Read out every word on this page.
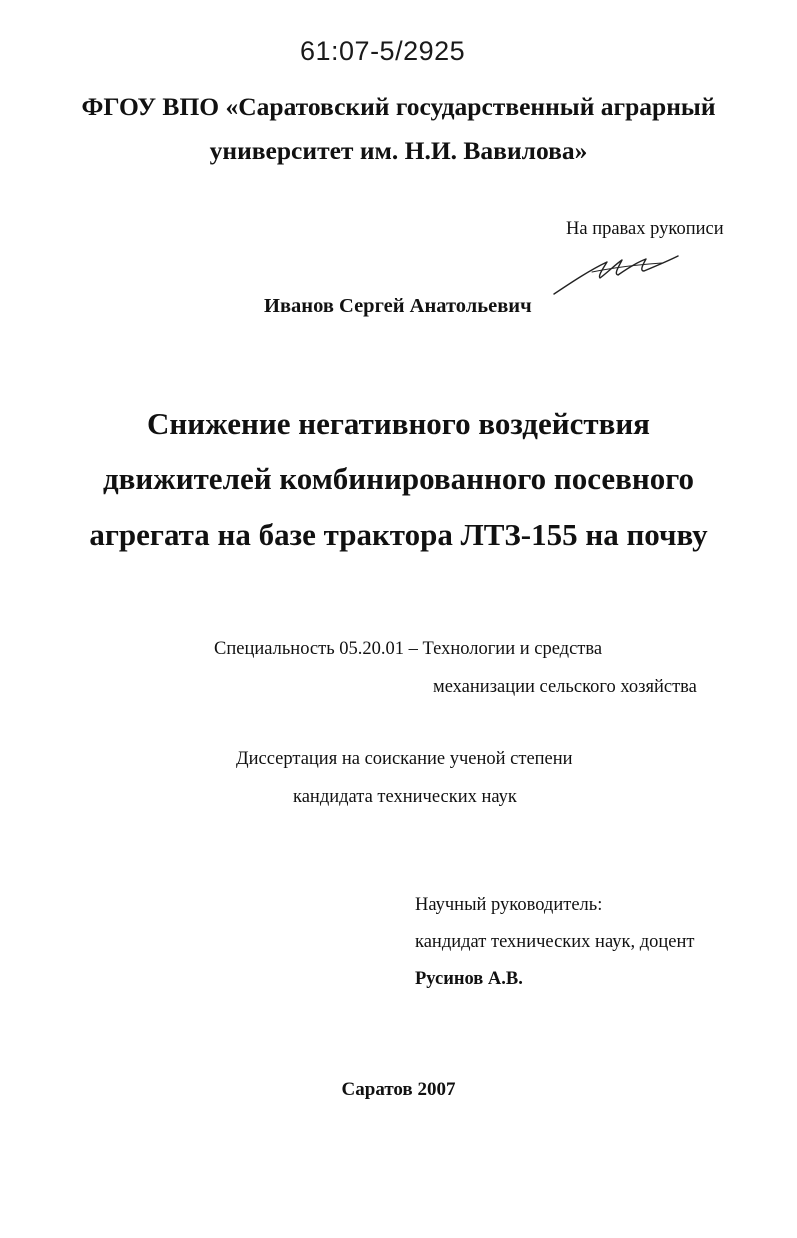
61:07-5/2925
ФГОУ ВПО «Саратовский государственный аграрный
университет им. Н.И. Вавилова»
На правах рукописи
Иванов Сергей Анатольевич
Снижение негативного воздействия
движителей комбинированного посевного
агрегата на базе трактора ЛТЗ-155 на почву
Специальность 05.20.01 – Технологии и средства
механизации сельского хозяйства
Диссертация на соискание ученой степени
кандидата технических наук
Научный руководитель:
кандидат технических наук, доцент
Русинов А.В.
Саратов 2007
